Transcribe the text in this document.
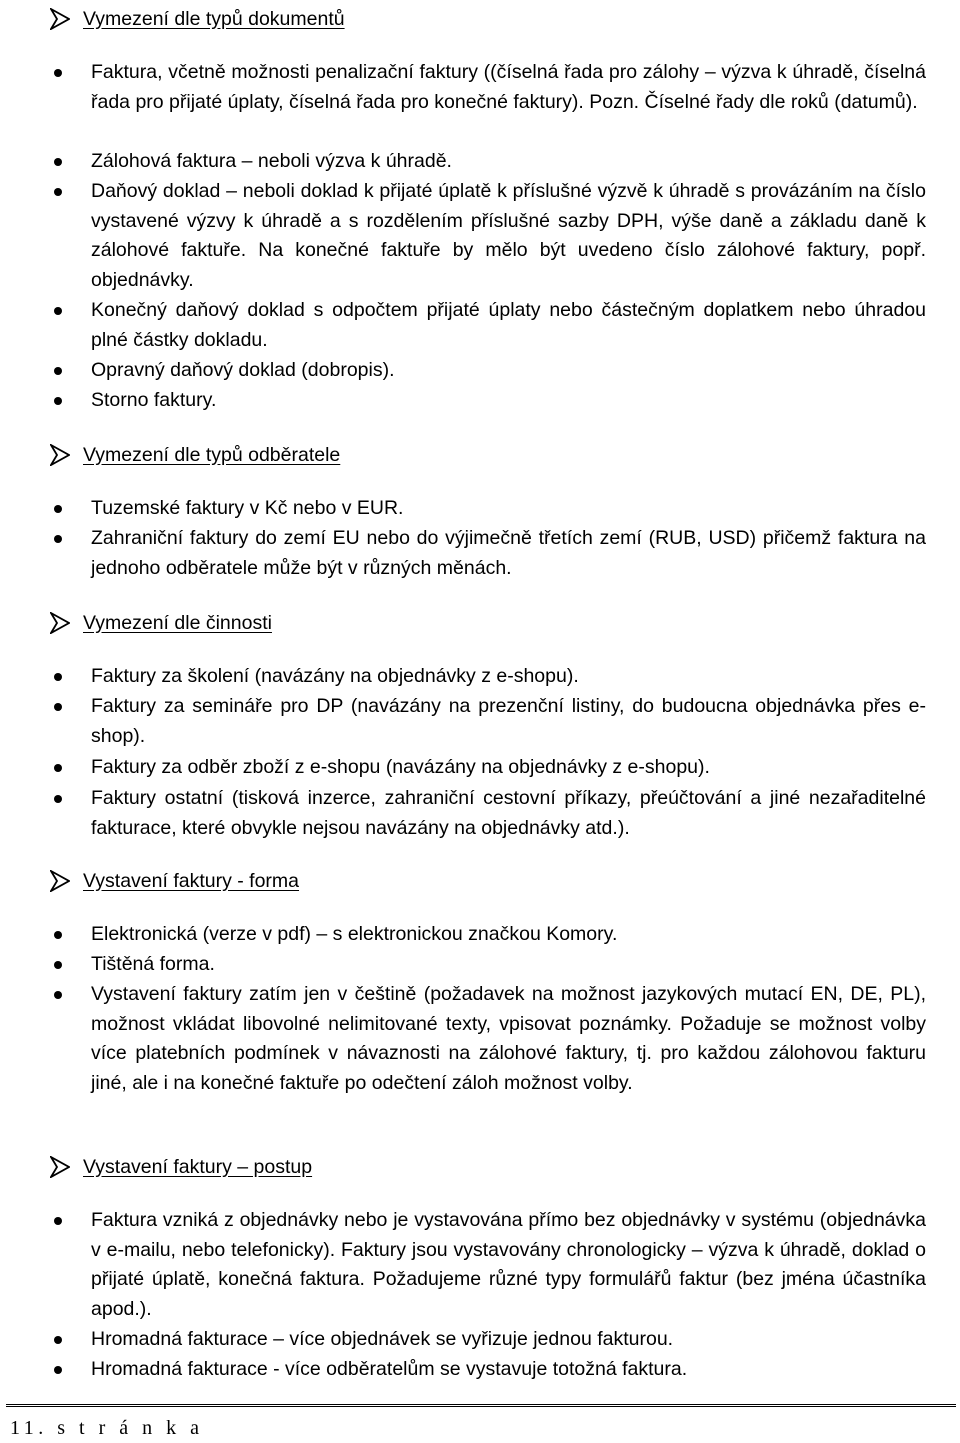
Vymezení dle typů dokumentů
Faktura, včetně možnosti penalizační faktury ((číselná řada pro zálohy – výzva k úhradě, číselná řada pro přijaté úplaty, číselná řada pro konečné faktury). Pozn. Číselné řady dle roků (datumů).
Zálohová faktura – neboli výzva k úhradě.
Daňový doklad – neboli doklad k přijaté úplatě k příslušné výzvě k úhradě s provázáním na číslo vystavené výzvy k úhradě a s rozdělením příslušné sazby DPH, výše daně a základu daně k zálohové faktuře. Na konečné faktuře by mělo být uvedeno číslo zálohové faktury, popř. objednávky.
Konečný daňový doklad s odpočtem přijaté úplaty nebo částečným doplatkem nebo úhradou plné částky dokladu.
Opravný daňový doklad (dobropis).
Storno faktury.
Vymezení dle typů odběratele
Tuzemské faktury v Kč nebo v EUR.
Zahraniční faktury do zemí EU nebo do výjimečně třetích zemí (RUB, USD) přičemž faktura na jednoho odběratele může být v různých měnách.
Vymezení dle činnosti
Faktury za školení (navázány na objednávky z e-shopu).
Faktury za semináře pro DP (navázány na prezenční listiny, do budoucna objednávka přes e-shop).
Faktury za odběr zboží z e-shopu (navázány na objednávky z e-shopu).
Faktury ostatní (tisková inzerce, zahraniční cestovní příkazy, přeúčtování a jiné nezařaditelné fakturace, které obvykle nejsou navázány na objednávky atd.).
Vystavení faktury - forma
Elektronická (verze v pdf) – s elektronickou značkou Komory.
Tištěná forma.
Vystavení faktury zatím jen v češtině (požadavek na možnost jazykových mutací EN, DE, PL), možnost vkládat libovolné nelimitované texty, vpisovat poznámky. Požaduje se možnost volby více platebních podmínek v návaznosti na zálohové faktury, tj. pro každou zálohovou fakturu jiné, ale i na konečné faktuře po odečtení záloh možnost volby.
Vystavení faktury – postup
Faktura vzniká z objednávky nebo je vystavována přímo bez objednávky v systému (objednávka v e-mailu, nebo telefonicky). Faktury jsou vystavovány chronologicky – výzva k úhradě, doklad o přijaté úplatě, konečná faktura. Požadujeme různé typy formulářů faktur (bez jména účastníka apod.).
Hromadná fakturace – více objednávek se vyřizuje jednou fakturou.
Hromadná fakturace - více odběratelům se vystavuje totožná faktura.
11. s t r á n k a
